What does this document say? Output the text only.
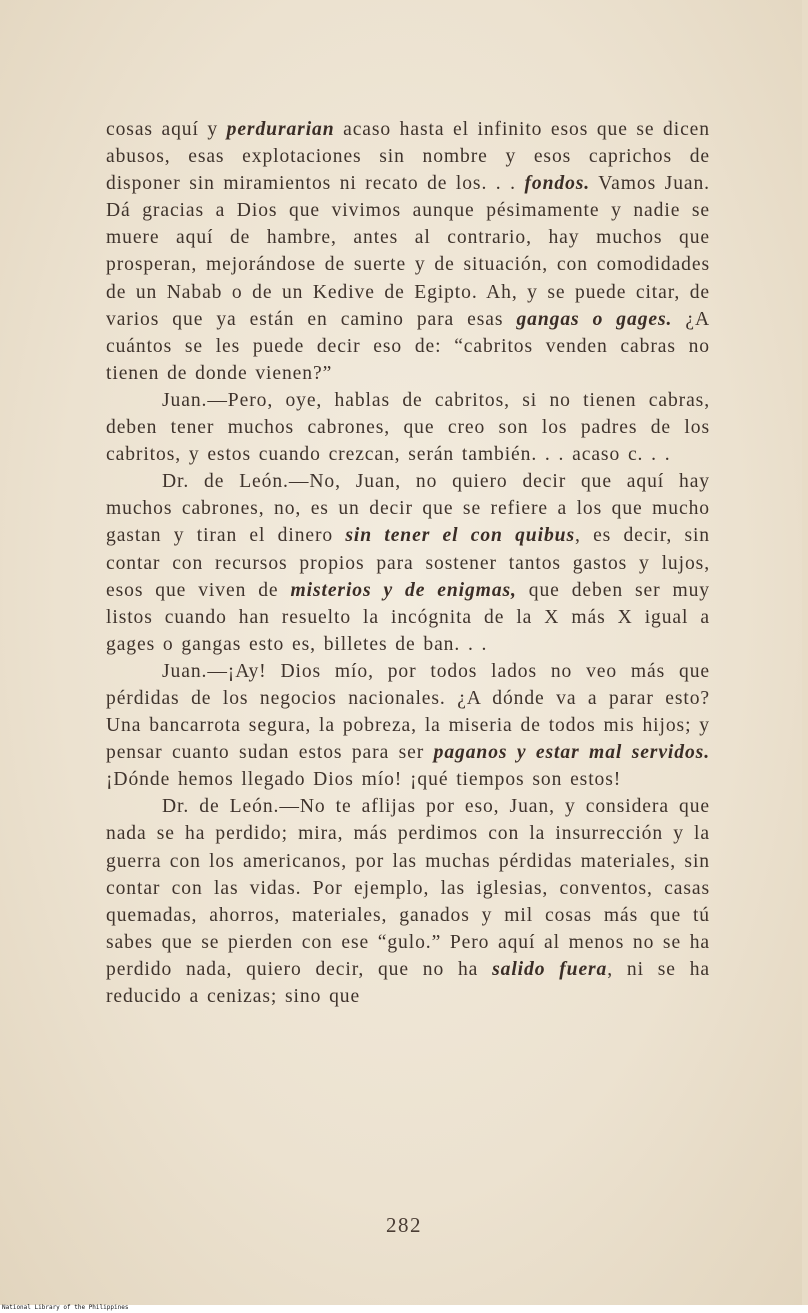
cosas aquí y perdurarian acaso hasta el infinito esos que se dicen abusos, esas explotaciones sin nombre y esos caprichos de disponer sin miramientos ni recato de los. . . fondos. Vamos Juan. Dá gracias a Dios que vivimos aunque pésimamente y nadie se muere aquí de hambre, antes al contrario, hay muchos que prosperan, mejorándose de suerte y de situación, con comodidades de un Nabab o de un Kedive de Egipto. Ah, y se puede citar, de varios que ya están en camino para esas gangas o gages. ¿A cuántos se les puede decir eso de: “cabritos venden cabras no tienen de donde vienen?”

Juan.—Pero, oye, hablas de cabritos, si no tienen cabras, deben tener muchos cabrones, que creo son los padres de los cabritos, y estos cuando crezcan, serán también. . . acaso c. . .

Dr. de León.—No, Juan, no quiero decir que aquí hay muchos cabrones, no, es un decir que se refiere a los que mucho gastan y tiran el dinero sin tener el con quibus, es decir, sin contar con recursos propios para sostener tantos gastos y lujos, esos que viven de misterios y de enigmas, que deben ser muy listos cuando han resuelto la incógnita de la X más X igual a gages o gangas esto es, billetes de ban. . .

Juan.—¡Ay! Dios mío, por todos lados no veo más que pérdidas de los negocios nacionales. ¿A dónde va a parar esto? Una bancarrota segura, la pobreza, la miseria de todos mis hijos; y pensar cuanto sudan estos para ser paganos y estar mal servidos. ¡Dónde hemos llegado Dios mío! ¡qué tiempos son estos!

Dr. de León.—No te aflijas por eso, Juan, y considera que nada se ha perdido; mira, más perdimos con la insurrección y la guerra con los americanos, por las muchas pérdidas materiales, sin contar con las vidas. Por ejemplo, las iglesias, conventos, casas quemadas, ahorros, materiales, ganados y mil cosas más que tú sabes que se pierden con ese “gulo.” Pero aquí al menos no se ha perdido nada, quiero decir, que no ha salido fuera, ni se ha reducido a cenizas; sino que

282
National Library of the Philippines
